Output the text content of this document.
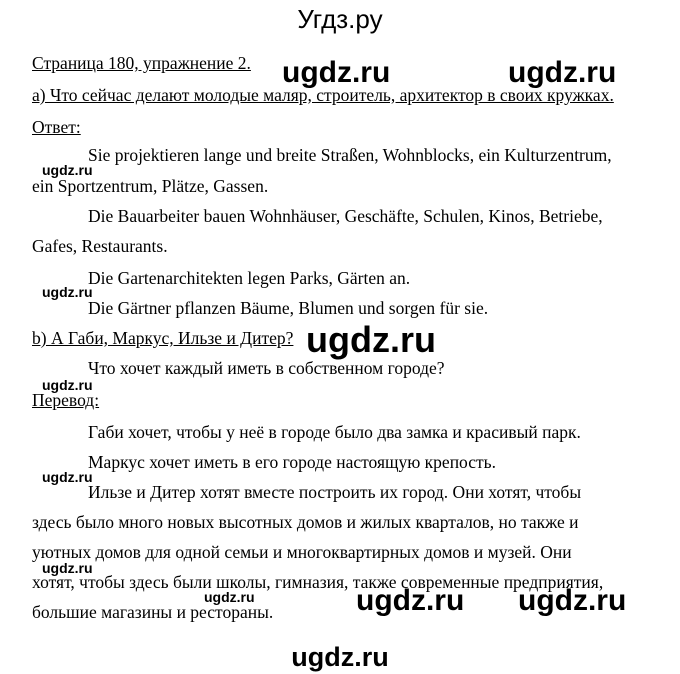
Угдз.ру
Страница 180, упражнение 2.
а) Что сейчас делают молодые маляр, строитель, архитектор в своих кружках.
Ответ:
Sie projektieren lange und breite Straßen, Wohnblocks, ein Kulturzentrum,
ein Sportzentrum, Plätze, Gassen.
Die Bauarbeiter bauen Wohnhäuser, Geschäfte, Schulen, Kinos, Betriebe,
Gafes, Restaurants.
Die Gartenarchitekten legen Parks, Gärten an.
Die Gärtner pflanzen Bäume, Blumen und sorgen für sie.
b) А Габи, Маркус, Ильзе и Дитер?
Что хочет каждый иметь в собственном городе?
Перевод:
Габи хочет, чтобы у неё в городе было два замка и красивый парк.
Маркус хочет иметь в его городе настоящую крепость.
Ильзе и Дитер хотят вместе построить их город. Они хотят, чтобы
здесь было много новых высотных домов и жилых кварталов, но также и
уютных домов для одной семьи и многоквартирных домов и музей. Они
хотят, чтобы здесь были школы, гимназия, также современные предприятия,
большие магазины и рестораны.
ugdz.ru	ugdz.ru
ugdz.ru
ugdz.ru
ugdz.ru
ugdz.ru
ugdz.ru
ugdz.ru
ugdz.ru	ugdz.ru ugdz.ru
ugdz.ru
